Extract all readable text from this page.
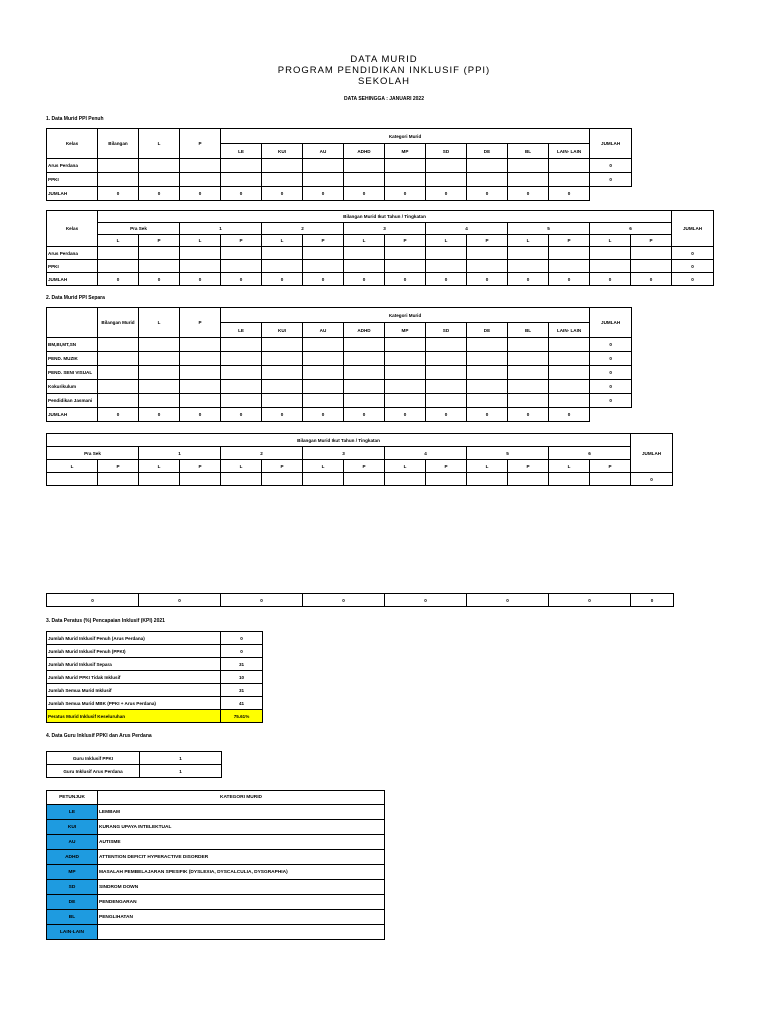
DATA MURID
PROGRAM PENDIDIKAN INKLUSIF (PPI)
SEKOLAH
DATA SEHINGGA : JANUARI 2022
1. Data Murid PPI Penuh
Kelas	Bilangan	L	P	Kategori Murid									JUMLAH
				LE	KUI	AU	ADHD	MP	SD	DE	BL	LAIN- LAIN	
Arus Perdana													0
PPKI													0
JUMLAH	0	0	0	0	0	0	0	0	0	0	0	0	
Kelas	Bilangan Murid Ikut Tahun / Tingkatan														JUMLAH
	Pra Sek		1		2		3		4		5		6		
	L	P	L	P	L	P	L	P	L	P	L	P	L	P	
Arus Perdana															0
PPKI															0
JUMLAH	0	0	0	0	0	0	0	0	0	0	0	0	0	0	0
2. Data Murid PPI Separa
	Bilangan Murid	L	P	Kategori Murid									JUMLAH
				LE	KUI	AU	ADHD	MP	SD	DE	BL	LAIN- LAIN	
BM,BI,MT,SN													0
PEND. MUZIK													0
PEND. SENI VISUAL													0
Kokurikulum													0
Pendidikan Jasmani													0
JUMLAH	0	0	0	0	0	0	0	0	0	0	0	0	
Bilangan Murid Ikut Tahun / Tingkatan														JUMLAH
Pra Sek		1		2		3		4		5		6		
L	P	L	P	L	P	L	P	L	P	L	P	L	P	
														0
0	0	0	0	0	0	0	0
3. Data Peratus (%) Pencapaian Inklusif (KPI) 2021
Jumlah Murid Inklusif Penuh (Arus Perdana)	0
Jumlah Murid Inklusif Penuh (PPKI)	0
Jumlah Murid Inklusif Separa	31
Jumlah Murid PPKI Tidak Inklusif	10
Jumlah Semua Murid Inklusif	31
Jumlah Semua Murid MBK (PPKI + Arus Perdana)	41
Peratus Murid Inklusif Keseluruhan	75.61%
4. Data Guru Inklusif PPKI dan Arus Perdana
Guru Inklusif PPKI	1
Guru Inklusif Arus Perdana	1
PETUNJUK	KATEGORI MURID
LE	LEMBAM
KUI	KURANG UPAYA INTELEKTUAL
AU	AUTISME
ADHD	ATTENTION DEFICIT HYPERACTIVE DISORDER
MP	MASALAH PEMBELAJARAN SPESIFIK (DYSLEXIA, DYSCALCULIA, DYSGRAPHIA)
SD	SINDROM DOWN
DE	PENDENGARAN
BL	PENGLIHATAN
LAIN-LAIN	
